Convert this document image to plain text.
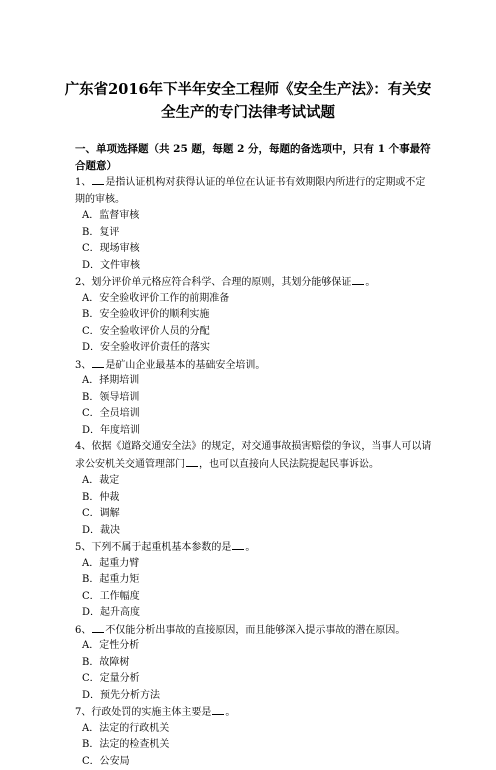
广东省2016年下半年安全工程师《安全生产法》：有关安
全生产的专门法律考试试题
一、单项选择题（共 25 题，每题 2 分，每题的备选项中，只有 1 个事最符合题意）
1、 是指认证机构对获得认证的单位在认证书有效期限内所进行的定期或不定期的审核。
A．监督审核
B．复评
C．现场审核
D．文件审核
2、划分评价单元格应符合科学、合理的原则，其划分能够保证 。
A．安全验收评价工作的前期准备
B．安全验收评价的顺利实施
C．安全验收评价人员的分配
D．安全验收评价责任的落实
3、 是矿山企业最基本的基础安全培训。
A．择期培训
B．领导培训
C．全员培训
D．年度培训
4、依据《道路交通安全法》的规定，对交通事故损害赔偿的争议，当事人可以请求公安机关交通管理部门 ，也可以直接向人民法院提起民事诉讼。
A．裁定
B．仲裁
C．调解
D．裁决
5、下列不属于起重机基本参数的是 。
A．起重力臂
B．起重力矩
C．工作幅度
D．起升高度
6、 不仅能分析出事故的直接原因，而且能够深入提示事故的潜在原因。
A．定性分析
B．故障树
C．定量分析
D．预先分析方法
7、行政处罚的实施主体主要是 。
A．法定的行政机关
B．法定的检查机关
C．公安局
